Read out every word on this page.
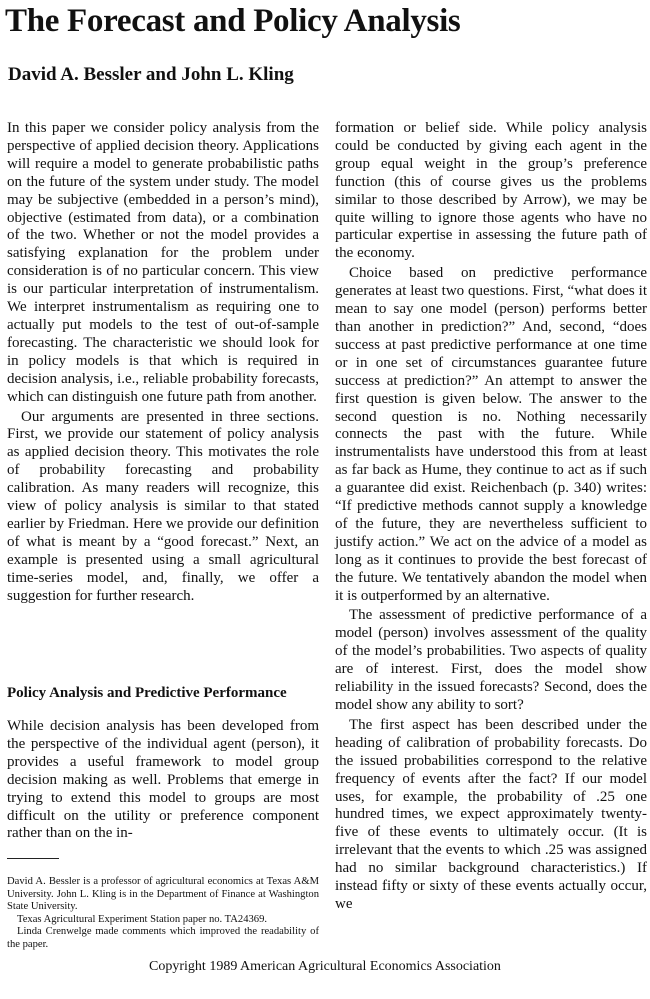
The Forecast and Policy Analysis
David A. Bessler and John L. Kling

In this paper we consider policy analysis from the perspective of applied decision theory. Applications will require a model to generate probabilistic paths on the future of the system under study. The model may be subjective (embedded in a person’s mind), objective (estimated from data), or a combination of the two. Whether or not the model provides a satisfying explanation for the problem under consideration is of no particular concern. This view is our particular interpretation of instrumentalism. We interpret instrumentalism as requiring one to actually put models to the test of out-of-sample forecasting. The characteristic we should look for in policy models is that which is required in decision analysis, i.e., reliable probability forecasts, which can distinguish one future path from another.

Our arguments are presented in three sections. First, we provide our statement of policy analysis as applied decision theory. This motivates the role of probability forecasting and probability calibration. As many readers will recognize, this view of policy analysis is similar to that stated earlier by Friedman. Here we provide our definition of what is meant by a “good forecast.” Next, an example is presented using a small agricultural time-series model, and, finally, we offer a suggestion for further research.

Policy Analysis and Predictive Performance

While decision analysis has been developed from the perspective of the individual agent (person), it provides a useful framework to model group decision making as well. Problems that emerge in trying to extend this model to groups are most difficult on the utility or preference component rather than on the in-

David A. Bessler is a professor of agricultural economics at Texas A&M University. John L. Kling is in the Department of Finance at Washington State University.

Texas Agricultural Experiment Station paper no. TA24369.

Linda Crenwelge made comments which improved the readability of the paper.

formation or belief side. While policy analysis could be conducted by giving each agent in the group equal weight in the group’s preference function (this of course gives us the problems similar to those described by Arrow), we may be quite willing to ignore those agents who have no particular expertise in assessing the future path of the economy.

Choice based on predictive performance generates at least two questions. First, “what does it mean to say one model (person) performs better than another in prediction?” And, second, “does success at past predictive performance at one time or in one set of circumstances guarantee future success at prediction?” An attempt to answer the first question is given below. The answer to the second question is no. Nothing necessarily connects the past with the future. While instrumentalists have understood this from at least as far back as Hume, they continue to act as if such a guarantee did exist. Reichenbach (p. 340) writes: “If predictive methods cannot supply a knowledge of the future, they are nevertheless sufficient to justify action.” We act on the advice of a model as long as it continues to provide the best forecast of the future. We tentatively abandon the model when it is outperformed by an alternative.

The assessment of predictive performance of a model (person) involves assessment of the quality of the model’s probabilities. Two aspects of quality are of interest. First, does the model show reliability in the issued forecasts? Second, does the model show any ability to sort?

The first aspect has been described under the heading of calibration of probability forecasts. Do the issued probabilities correspond to the relative frequency of events after the fact? If our model uses, for example, the probability of .25 one hundred times, we expect approximately twenty-five of these events to ultimately occur. (It is irrelevant that the events to which .25 was assigned had no similar background characteristics.) If instead fifty or sixty of these events actually occur, we

Copyright 1989 American Agricultural Economics Association
